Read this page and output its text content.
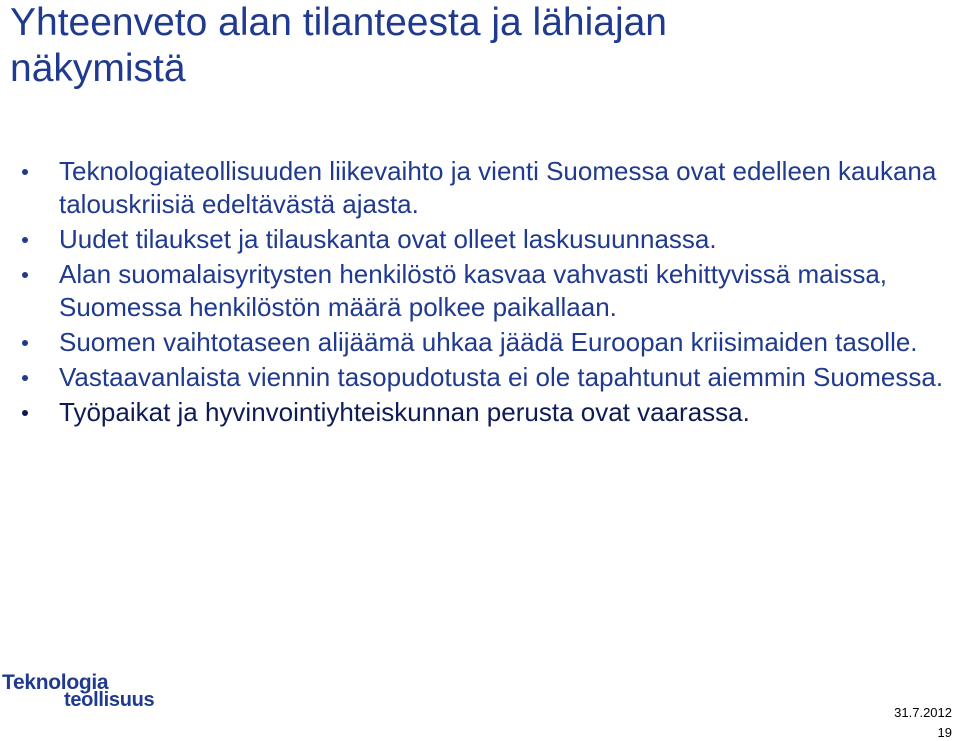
Yhteenveto alan tilanteesta ja lähiajan
näkymistä
Teknologiateollisuuden liikevaihto ja vienti Suomessa ovat edelleen kaukana talouskriisiä edeltävästä ajasta.
Uudet tilaukset ja tilauskanta ovat olleet laskusuunnassa.
Alan suomalaisyritysten henkilöstö kasvaa vahvasti kehittyvissä maissa, Suomessa henkilöstön määrä polkee paikallaan.
Suomen vaihtotaseen alijäämä uhkaa jäädä Euroopan kriisimaiden tasolle.
Vastaavanlaista viennin tasopudotusta ei ole tapahtunut aiemmin Suomessa.
Työpaikat ja hyvinvointiyhteiskunnan perusta ovat vaarassa.
Teknologia
teollisuus
31.7.2012
19
